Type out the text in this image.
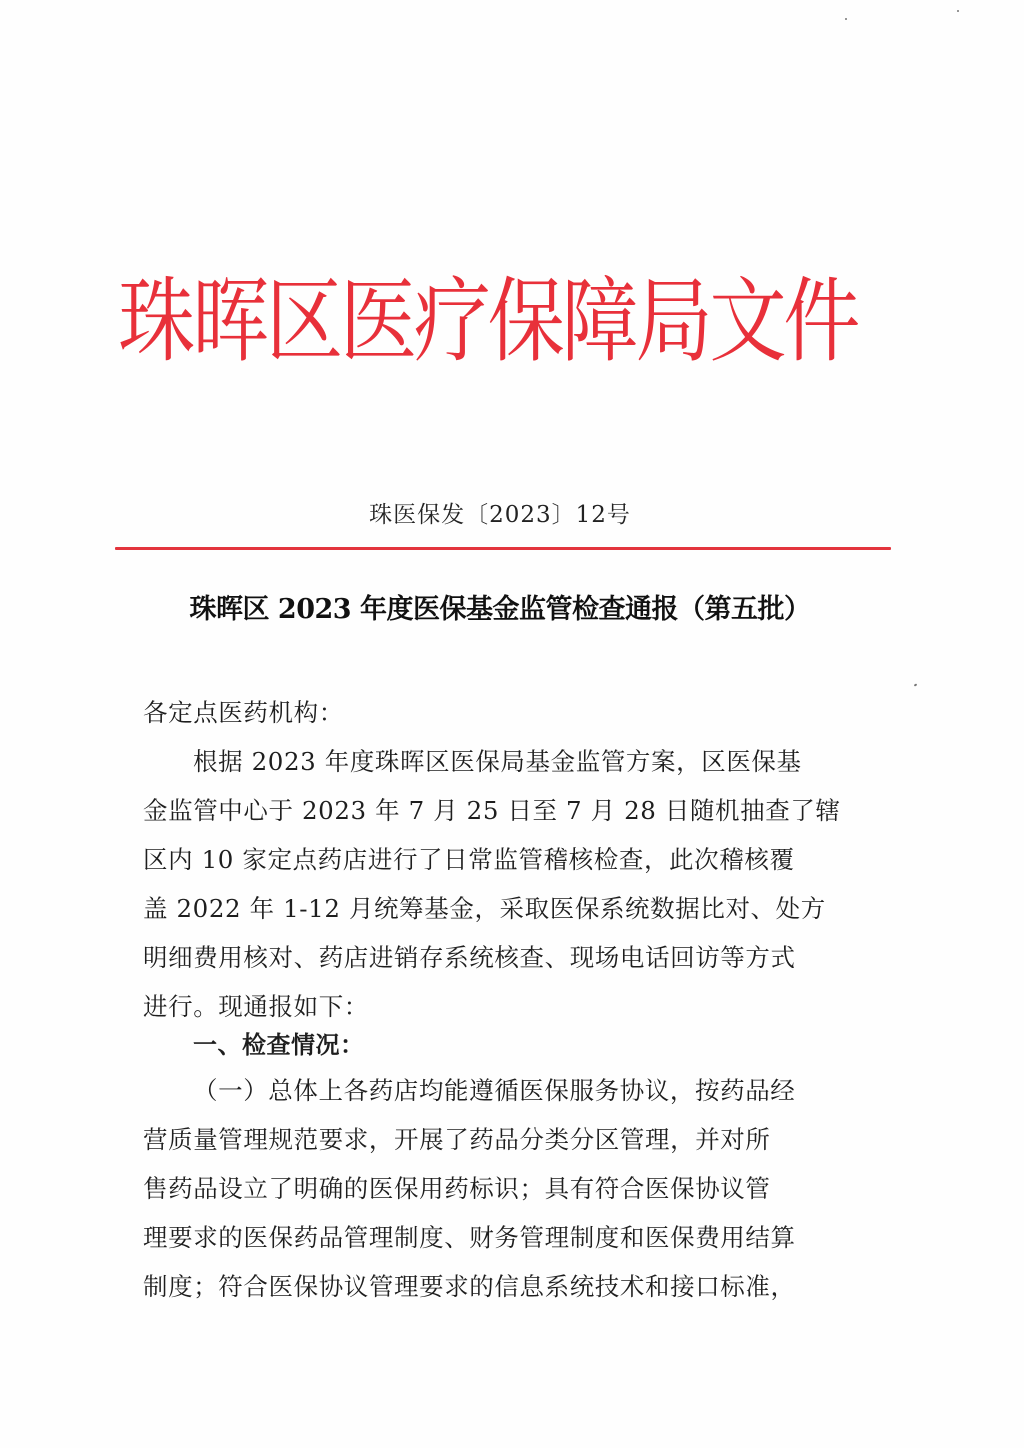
珠晖区医疗保障局文件
珠医保发〔2023〕12号
珠晖区 2023 年度医保基金监管检查通报（第五批）
各定点医药机构：
根据 2023 年度珠晖区医保局基金监管方案，区医保基
金监管中心于 2023 年 7 月 25 日至 7 月 28 日随机抽查了辖
区内 10 家定点药店进行了日常监管稽核检查，此次稽核覆
盖 2022 年 1-12 月统筹基金，采取医保系统数据比对、处方
明细费用核对、药店进销存系统核查、现场电话回访等方式
进行。现通报如下：
一、检查情况：
（一）总体上各药店均能遵循医保服务协议，按药品经
营质量管理规范要求，开展了药品分类分区管理，并对所
售药品设立了明确的医保用药标识；具有符合医保协议管
理要求的医保药品管理制度、财务管理制度和医保费用结算
制度；符合医保协议管理要求的信息系统技术和接口标准，
